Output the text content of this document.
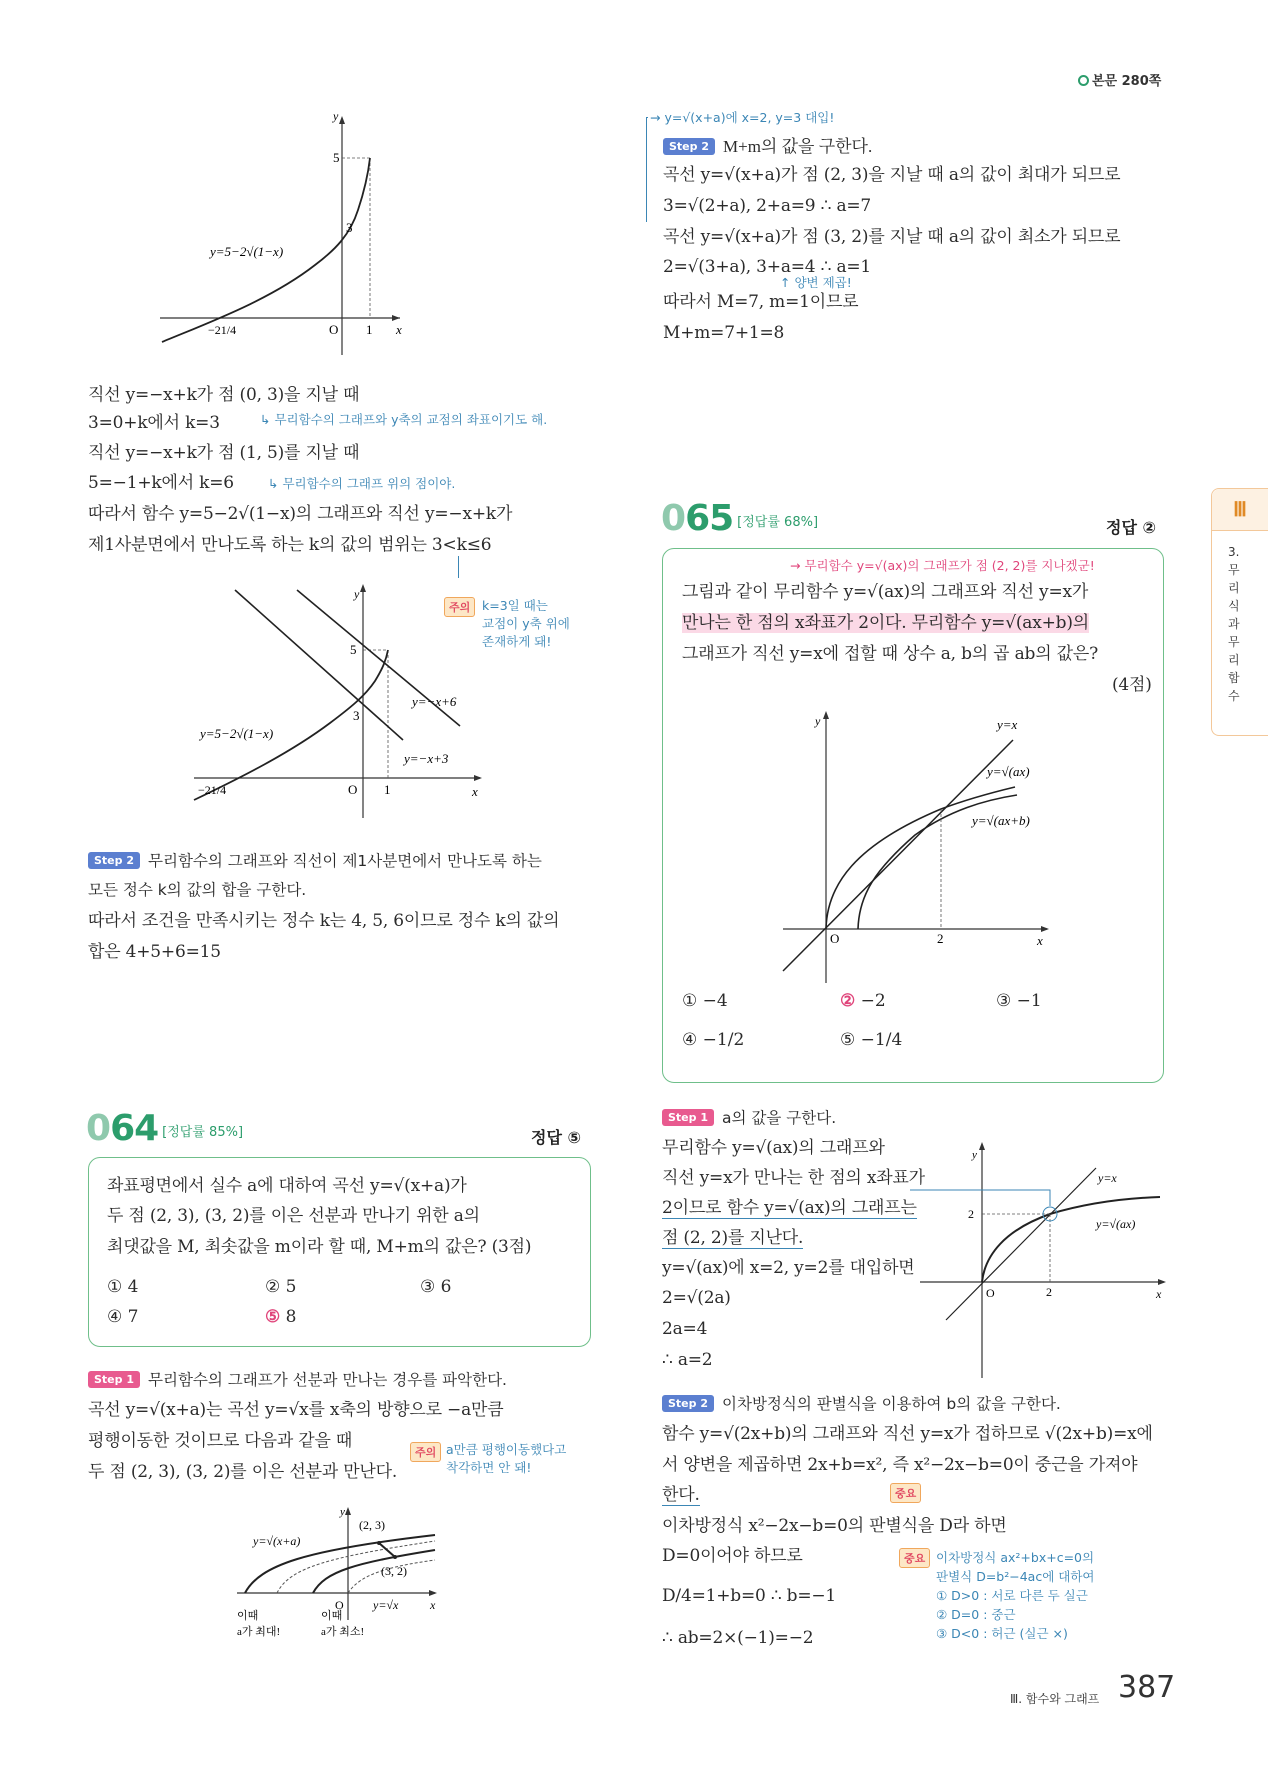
본문 280쪽
Ⅲ
3. 무리식과 무리함수
y
5
3
O 1 x
−21/4
y=5−2√(1−x)
직선 y=−x+k가 점 (0, 3)을 지날 때
↳ 무리함수의 그래프와 y축의 교점의 좌표이기도 해.
3=0+k에서 k=3
직선 y=−x+k가 점 (1, 5)를 지날 때
5=−1+k에서 k=6	↳ 무리함수의 그래프 위의 점이야.
따라서 함수 y=5−2√(1−x)의 그래프와 직선 y=−x+k가
제1사분면에서 만나도록 하는 k의 값의 범위는 3<k≤6
주의 k=3일 때는
교점이 y축 위에
존재하게 돼!
y
5
3
O 1	x
−21/4
y=5−2√(1−x)
y=−x+6
y=−x+3
Step 2 무리함수의 그래프와 직선이 제1사분면에서 만나도록 하는
모든 정수 k의 값의 합을 구한다.
따라서 조건을 만족시키는 정수 k는 4, 5, 6이므로 정수 k의 값의
합은 4+5+6=15
064 [정답률 85%]	정답 ⑤
좌표평면에서 실수 a에 대하여 곡선 y=√(x+a)가
두 점 (2, 3), (3, 2)를 이은 선분과 만나기 위한 a의
최댓값을 M, 최솟값을 m이라 할 때, M+m의 값은? (3점)
① 4	② 5	③ 6
④ 7	⑤ 8
Step 1 무리함수의 그래프가 선분과 만나는 경우를 파악한다.
곡선 y=√(x+a)는 곡선 y=√x를 x축의 방향으로 −a만큼
평행이동한 것이므로 다음과 같을 때
두 점 (2, 3), (3, 2)를 이은 선분과 만난다.
주의 a만큼 평행이동했다고
착각하면 안 돼!
y
(2, 3)
(3, 2)
y=√(x+a)
y=√x
O	x
이때
a가 최대!
이때
a가 최소!
→ y=√(x+a)에 x=2, y=3 대입!
Step 2 M+m의 값을 구한다.
곡선 y=√(x+a)가 점 (2, 3)을 지날 때 a의 값이 최대가 되므로
3=√(2+a), 2+a=9 ∴ a=7
곡선 y=√(x+a)가 점 (3, 2)를 지날 때 a의 값이 최소가 되므로
2=√(3+a), 3+a=4 ∴ a=1
↑ 양변 제곱!
따라서 M=7, m=1이므로
M+m=7+1=8
065 [정답률 68%]	정답 ②
→ 무리함수 y=√(ax)의 그래프가 점 (2, 2)를 지나겠군!
그림과 같이 무리함수 y=√(ax)의 그래프와 직선 y=x가
만나는 한 점의 x좌표가 2이다. 무리함수 y=√(ax+b)의
그래프가 직선 y=x에 접할 때 상수 a, b의 곱 ab의 값은?
(4점)
y	y=x
y=√(ax)
y=√(ax+b)
O	2	x
① −4	② −2	③ −1
④ −1/2	⑤ −1/4
Step 1 a의 값을 구한다.
무리함수 y=√(ax)의 그래프와
직선 y=x가 만나는 한 점의 x좌표가
2이므로 함수 y=√(ax)의 그래프는
점 (2, 2)를 지난다.
y=√(ax)에 x=2, y=2를 대입하면
2=√(2a)
2a=4
∴ a=2
y
y=x
y=√(ax)
2
2
O	x
Step 2 이차방정식의 판별식을 이용하여 b의 값을 구한다.
함수 y=√(2x+b)의 그래프와 직선 y=x가 접하므로 √(2x+b)=x에
서 양변을 제곱하면 2x+b=x², 즉 x²−2x−b=0이 중근을 가져야
한다.	중요
이차방정식 x²−2x−b=0의 판별식을 D라 하면
D=0이어야 하므로
D/4=1+b=0 ∴ b=−1
∴ ab=2×(−1)=−2
중요 이차방정식 ax²+bx+c=0의
판별식 D=b²−4ac에 대하여
① D>0 : 서로 다른 두 실근
② D=0 : 중근
③ D<0 : 허근 (실근 ×)
Ⅲ. 함수와 그래프 387
